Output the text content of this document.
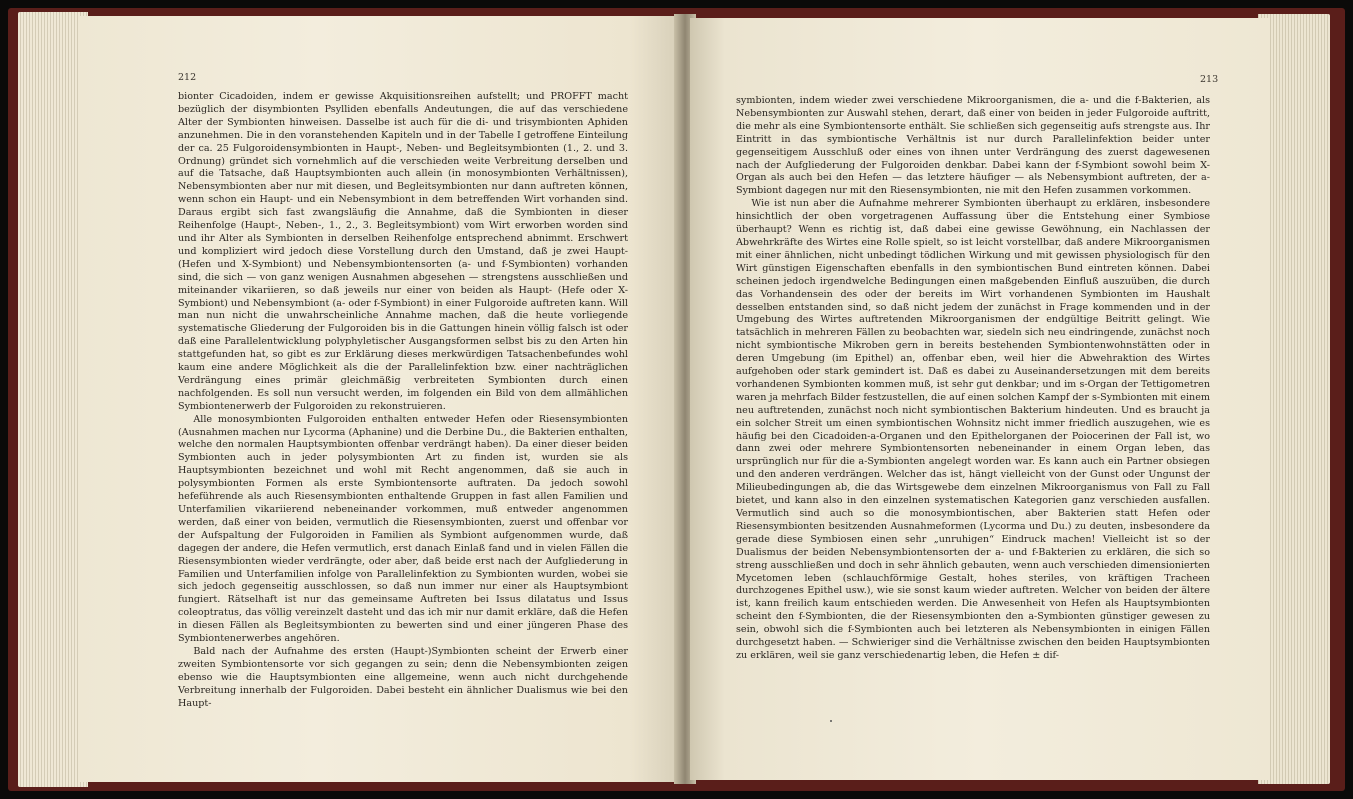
212

bionter Cicadoiden, indem er gewisse Akquisitionsreihen aufstellt; und PROFFT macht bezüglich der disymbionten Psylliden ebenfalls Andeutungen, die auf das verschiedene Alter der Symbionten hinweisen. Dasselbe ist auch für die di- und trisymbionten Aphiden anzunehmen. Die in den voranstehenden Kapiteln und in der Tabelle I getroffene Einteilung der ca. 25 Fulgoroidensymbionten in Haupt-, Neben- und Begleitsymbionten (1., 2. und 3. Ordnung) gründet sich vornehmlich auf die verschieden weite Verbreitung derselben und auf die Tatsache, daß Hauptsymbionten auch allein (in monosymbionten Verhältnissen), Nebensymbionten aber nur mit diesen, und Begleitsymbionten nur dann auftreten können, wenn schon ein Haupt- und ein Nebensymbiont in dem betreffenden Wirt vorhanden sind. Daraus ergibt sich fast zwangsläufig die Annahme, daß die Symbionten in dieser Reihenfolge (Haupt-, Neben-, 1., 2., 3. Begleitsymbiont) vom Wirt erworben worden sind und ihr Alter als Symbionten in derselben Reihenfolge entsprechend abnimmt. Erschwert und kompliziert wird jedoch diese Vorstellung durch den Umstand, daß je zwei Haupt- (Hefen und X-Symbiont) und Nebensymbiontensorten (a- und f-Symbionten) vorhanden sind, die sich — von ganz wenigen Ausnahmen abgesehen — strengstens ausschließen und miteinander vikariieren, so daß jeweils nur einer von beiden als Haupt- (Hefe oder X-Symbiont) und Nebensymbiont (a- oder f-Symbiont) in einer Fulgoroide auftreten kann. Will man nun nicht die unwahrscheinliche Annahme machen, daß die heute vorliegende systematische Gliederung der Fulgoroiden bis in die Gattungen hinein völlig falsch ist oder daß eine Parallelentwicklung polyphyletischer Ausgangsformen selbst bis zu den Arten hin stattgefunden hat, so gibt es zur Erklärung dieses merkwürdigen Tatsachenbefundes wohl kaum eine andere Möglichkeit als die der Parallelinfektion bzw. einer nachträglichen Verdrängung eines primär gleichmäßig verbreiteten Symbionten durch einen nachfolgenden. Es soll nun versucht werden, im folgenden ein Bild von dem allmählichen Symbiontenerwerb der Fulgoroiden zu rekonstruieren.

Alle monosymbionten Fulgoroiden enthalten entweder Hefen oder Riesensymbionten (Ausnahmen machen nur Lycorma (Aphanine) und die Derbine Du., die Bakterien enthalten, welche den normalen Hauptsymbionten offenbar verdrängt haben). Da einer dieser beiden Symbionten auch in jeder polysymbionten Art zu finden ist, wurden sie als Hauptsymbionten bezeichnet und wohl mit Recht angenommen, daß sie auch in polysymbionten Formen als erste Symbiontensorte auftraten. Da jedoch sowohl hefeführende als auch Riesensymbionten enthaltende Gruppen in fast allen Familien und Unterfamilien vikariierend nebeneinander vorkommen, muß entweder angenommen werden, daß einer von beiden, vermutlich die Riesensymbionten, zuerst und offenbar vor der Aufspaltung der Fulgoroiden in Familien als Symbiont aufgenommen wurde, daß dagegen der andere, die Hefen vermutlich, erst danach Einlaß fand und in vielen Fällen die Riesensymbionten wieder verdrängte, oder aber, daß beide erst nach der Aufgliederung in Familien und Unterfamilien infolge von Parallelinfektion zu Symbionten wurden, wobei sie sich jedoch gegenseitig ausschlossen, so daß nun immer nur einer als Hauptsymbiont fungiert. Rätselhaft ist nur das gemeinsame Auftreten bei Issus dilatatus und Issus coleoptratus, das völlig vereinzelt dasteht und das ich mir nur damit erkläre, daß die Hefen in diesen Fällen als Begleitsymbionten zu bewerten sind und einer jüngeren Phase des Symbiontenerwerbes angehören.

Bald nach der Aufnahme des ersten (Haupt-)Symbionten scheint der Erwerb einer zweiten Symbiontensorte vor sich gegangen zu sein; denn die Nebensymbionten zeigen ebenso wie die Hauptsymbionten eine allgemeine, wenn auch nicht durchgehende Verbreitung innerhalb der Fulgoroiden. Dabei besteht ein ähnlicher Dualismus wie bei den Haupt-

213

symbionten, indem wieder zwei verschiedene Mikroorganismen, die a- und die f-Bakterien, als Nebensymbionten zur Auswahl stehen, derart, daß einer von beiden in jeder Fulgoroide auftritt, die mehr als eine Symbiontensorte enthält. Sie schließen sich gegenseitig aufs strengste aus. Ihr Eintritt in das symbiontische Verhältnis ist nur durch Parallelinfektion beider unter gegenseitigem Ausschluß oder eines von ihnen unter Verdrängung des zuerst dagewesenen nach der Aufgliederung der Fulgoroiden denkbar. Dabei kann der f-Symbiont sowohl beim X-Organ als auch bei den Hefen — das letztere häufiger — als Nebensymbiont auftreten, der a-Symbiont dagegen nur mit den Riesensymbionten, nie mit den Hefen zusammen vorkommen.

Wie ist nun aber die Aufnahme mehrerer Symbionten überhaupt zu erklären, insbesondere hinsichtlich der oben vorgetragenen Auffassung über die Entstehung einer Symbiose überhaupt? Wenn es richtig ist, daß dabei eine gewisse Gewöhnung, ein Nachlassen der Abwehrkräfte des Wirtes eine Rolle spielt, so ist leicht vorstellbar, daß andere Mikroorganismen mit einer ähnlichen, nicht unbedingt tödlichen Wirkung und mit gewissen physiologisch für den Wirt günstigen Eigenschaften ebenfalls in den symbiontischen Bund eintreten können. Dabei scheinen jedoch irgendwelche Bedingungen einen maßgebenden Einfluß auszuüben, die durch das Vorhandensein des oder der bereits im Wirt vorhandenen Symbionten im Haushalt desselben entstanden sind, so daß nicht jedem der zunächst in Frage kommenden und in der Umgebung des Wirtes auftretenden Mikroorganismen der endgültige Beitritt gelingt. Wie tatsächlich in mehreren Fällen zu beobachten war, siedeln sich neu eindringende, zunächst noch nicht symbiontische Mikroben gern in bereits bestehenden Symbiontenwohnstätten oder in deren Umgebung (im Epithel) an, offenbar eben, weil hier die Abwehraktion des Wirtes aufgehoben oder stark gemindert ist. Daß es dabei zu Auseinandersetzungen mit dem bereits vorhandenen Symbionten kommen muß, ist sehr gut denkbar; und im s-Organ der Tettigometren waren ja mehrfach Bilder festzustellen, die auf einen solchen Kampf der s-Symbionten mit einem neu auftretenden, zunächst noch nicht symbiontischen Bakterium hindeuten. Und es braucht ja ein solcher Streit um einen symbiontischen Wohnsitz nicht immer friedlich auszugehen, wie es häufig bei den Cicadoiden-a-Organen und den Epithelorganen der Poiocerinen der Fall ist, wo dann zwei oder mehrere Symbiontensorten nebeneinander in einem Organ leben, das ursprünglich nur für die a-Symbionten angelegt worden war. Es kann auch ein Partner obsiegen und den anderen verdrängen. Welcher das ist, hängt vielleicht von der Gunst oder Ungunst der Milieubedingungen ab, die das Wirtsgewebe dem einzelnen Mikroorganismus von Fall zu Fall bietet, und kann also in den einzelnen systematischen Kategorien ganz verschieden ausfallen. Vermutlich sind auch so die monosymbiontischen, aber Bakterien statt Hefen oder Riesensymbionten besitzenden Ausnahmeformen (Lycorma und Du.) zu deuten, insbesondere da gerade diese Symbiosen einen sehr „unruhigen“ Eindruck machen! Vielleicht ist so der Dualismus der beiden Nebensymbiontensorten der a- und f-Bakterien zu erklären, die sich so streng ausschließen und doch in sehr ähnlich gebauten, wenn auch verschieden dimensionierten Mycetomen leben (schlauchförmige Gestalt, hohes steriles, von kräftigen Tracheen durchzogenes Epithel usw.), wie sie sonst kaum wieder auftreten. Welcher von beiden der ältere ist, kann freilich kaum entschieden werden. Die Anwesenheit von Hefen als Hauptsymbionten scheint den f-Symbionten, die der Riesensymbionten den a-Symbionten günstiger gewesen zu sein, obwohl sich die f-Symbionten auch bei letzteren als Nebensymbionten in einigen Fällen durchgesetzt haben. — Schwieriger sind die Verhältnisse zwischen den beiden Hauptsymbionten zu erklären, weil sie ganz verschiedenartig leben, die Hefen ± dif-
